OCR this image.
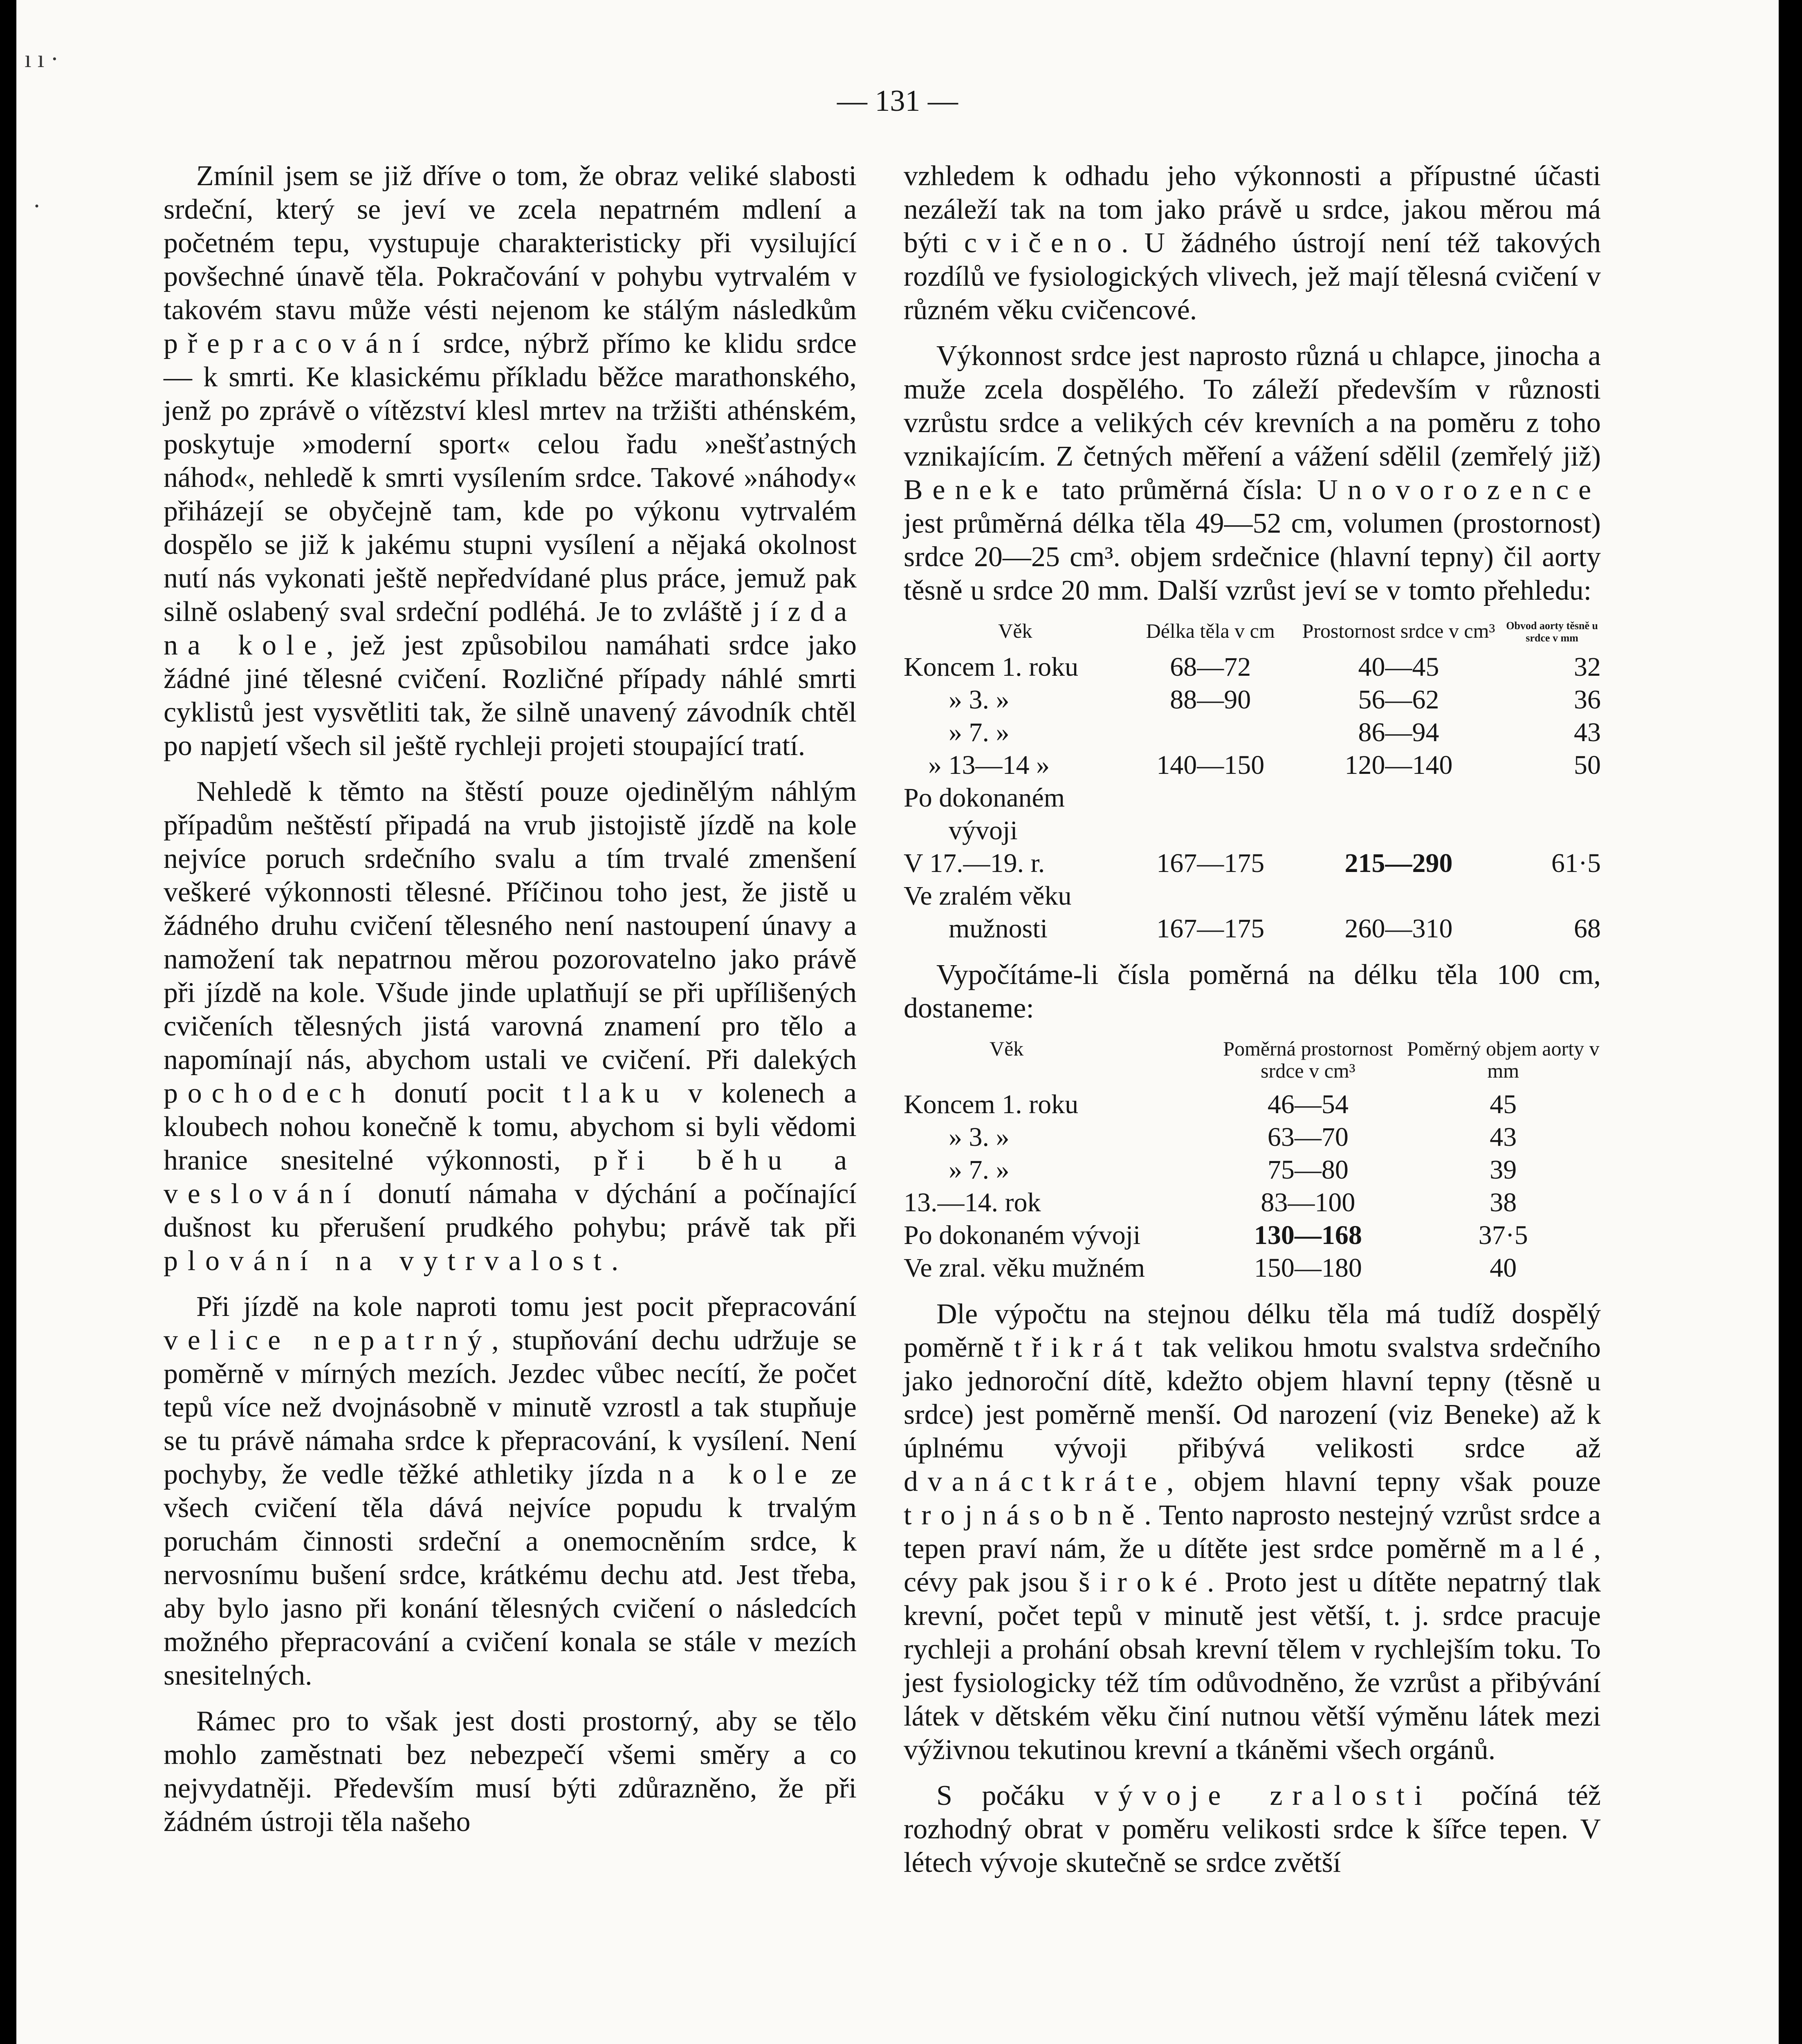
ı ı ·
·
— 131 —

Zmínil jsem se již dříve o tom, že obraz veliké slabosti srdeční, který se jeví ve zcela nepatrném mdlení a početném tepu, vystupuje charakteristicky při vysilující povšechné únavě těla. Pokračování v pohybu vytrvalém v takovém stavu může vésti nejenom ke stálým následkům přepracování srdce, nýbrž přímo ke klidu srdce — k smrti. Ke klasickému příkladu běžce marathonského, jenž po zprávě o vítězství klesl mrtev na tržišti athénském, poskytuje »moderní sport« celou řadu »nešťastných náhod«, nehledě k smrti vysílením srdce. Takové »náhody« přiházejí se obyčejně tam, kde po výkonu vytrvalém dospělo se již k jakému stupni vysílení a nějaká okolnost nutí nás vykonati ještě nepředvídané plus práce, jemuž pak silně oslabený sval srdeční podléhá. Je to zvláště jízda na kole, jež jest způsobilou namáhati srdce jako žádné jiné tělesné cvičení. Rozličné případy náhlé smrti cyklistů jest vysvětliti tak, že silně unavený závodník chtěl po napjetí všech sil ještě rychleji projeti stoupající tratí.

Nehledě k těmto na štěstí pouze ojedinělým náhlým případům neštěstí připadá na vrub jistojistě jízdě na kole nejvíce poruch srdečního svalu a tím trvalé zmenšení veškeré výkonnosti tělesné. Příčinou toho jest, že jistě u žádného druhu cvičení tělesného není nastoupení únavy a namožení tak nepatrnou měrou pozorovatelno jako právě při jízdě na kole. Všude jinde uplatňují se při upřílišených cvičeních tělesných jistá varovná znamení pro tělo a napomínají nás, abychom ustali ve cvičení. Při dalekých pochodech donutí pocit tlaku v kolenech a kloubech nohou konečně k tomu, abychom si byli vědomi hranice snesitelné výkonnosti, při běhu a veslování donutí námaha v dýchání a počínající dušnost ku přerušení prudkého pohybu; právě tak při plování na vytrvalost.

Při jízdě na kole naproti tomu jest pocit přepracování velice nepatrný, stupňování dechu udržuje se poměrně v mírných mezích. Jezdec vůbec necítí, že počet tepů více než dvojnásobně v minutě vzrostl a tak stupňuje se tu právě námaha srdce k přepracování, k vysílení. Není pochyby, že vedle těžké athletiky jízda na kole ze všech cvičení těla dává nejvíce popudu k trvalým poruchám činnosti srdeční a onemocněním srdce, k nervosnímu bušení srdce, krátkému dechu atd. Jest třeba, aby bylo jasno při konání tělesných cvičení o následcích možného přepracování a cvičení konala se stále v mezích snesitelných.

Rámec pro to však jest dosti prostorný, aby se tělo mohlo zaměstnati bez nebezpečí všemi směry a co nejvydatněji. Především musí býti zdůrazněno, že při žádném ústroji těla našeho

vzhledem k odhadu jeho výkonnosti a přípustné účasti nezáleží tak na tom jako právě u srdce, jakou měrou má býti cvičeno. U žádného ústrojí není též takových rozdílů ve fysiologických vlivech, jež mají tělesná cvičení v různém věku cvičencové.

Výkonnost srdce jest naprosto různá u chlapce, jinocha a muže zcela dospělého. To záleží především v různosti vzrůstu srdce a velikých cév krevních a na poměru z toho vznikajícím. Z četných měření a vážení sdělil (zemřelý již) Beneke tato průměrná čísla: Unovorozence jest průměrná délka těla 49—52 cm, volumen (prostornost) srdce 20—25 cm³. objem srdečnice (hlavní tepny) čil aorty těsně u srdce 20 mm. Další vzrůst jeví se v tomto přehledu:

Věk	Délka těla v cm	Prostornost srdce v cm³	Obvod aorty těsně u srdce v mm
Koncem 1. roku	68—72	40—45	32
» 3. »	88—90	56—62	36
» 7. »		86—94	43
» 13—14 »	140—150	120—140	50
Po dokonaném			
vývoji			
V 17.—19. r.	167—175	215—290	61·5
Ve zralém věku			
mužnosti	167—175	260—310	68

Vypočítáme-li čísla poměrná na délku těla 100 cm, dostaneme:

Věk	Poměrná prostornost srdce v cm³	Poměrný objem aorty v mm
Koncem 1. roku	46—54	45
» 3. »	63—70	43
» 7. »	75—80	39
13.—14. rok	83—100	38
Po dokonaném vývoji	130—168	37·5
Ve zral. věku mužném	150—180	40

Dle výpočtu na stejnou délku těla má tudíž dospělý poměrně třikrát tak velikou hmotu svalstva srdečního jako jednoroční dítě, kdežto objem hlavní tepny (těsně u srdce) jest poměrně menší. Od narození (viz Beneke) až k úplnému vývoji přibývá velikosti srdce až dvanáctkráte, objem hlavní tepny však pouze trojnásobně. Tento naprosto nestejný vzrůst srdce a tepen praví nám, že u dítěte jest srdce poměrně malé, cévy pak jsou široké. Proto jest u dítěte nepatrný tlak krevní, počet tepů v minutě jest větší, t. j. srdce pracuje rychleji a prohání obsah krevní tělem v rychlejším toku. To jest fysiologicky též tím odůvodněno, že vzrůst a přibývání látek v dětském věku činí nutnou větší výměnu látek mezi výživnou tekutinou krevní a tkáněmi všech orgánů.

S počáku vývoje zralosti počíná též rozhodný obrat v poměru velikosti srdce k šířce tepen. V létech vývoje skutečně se srdce zvětší
